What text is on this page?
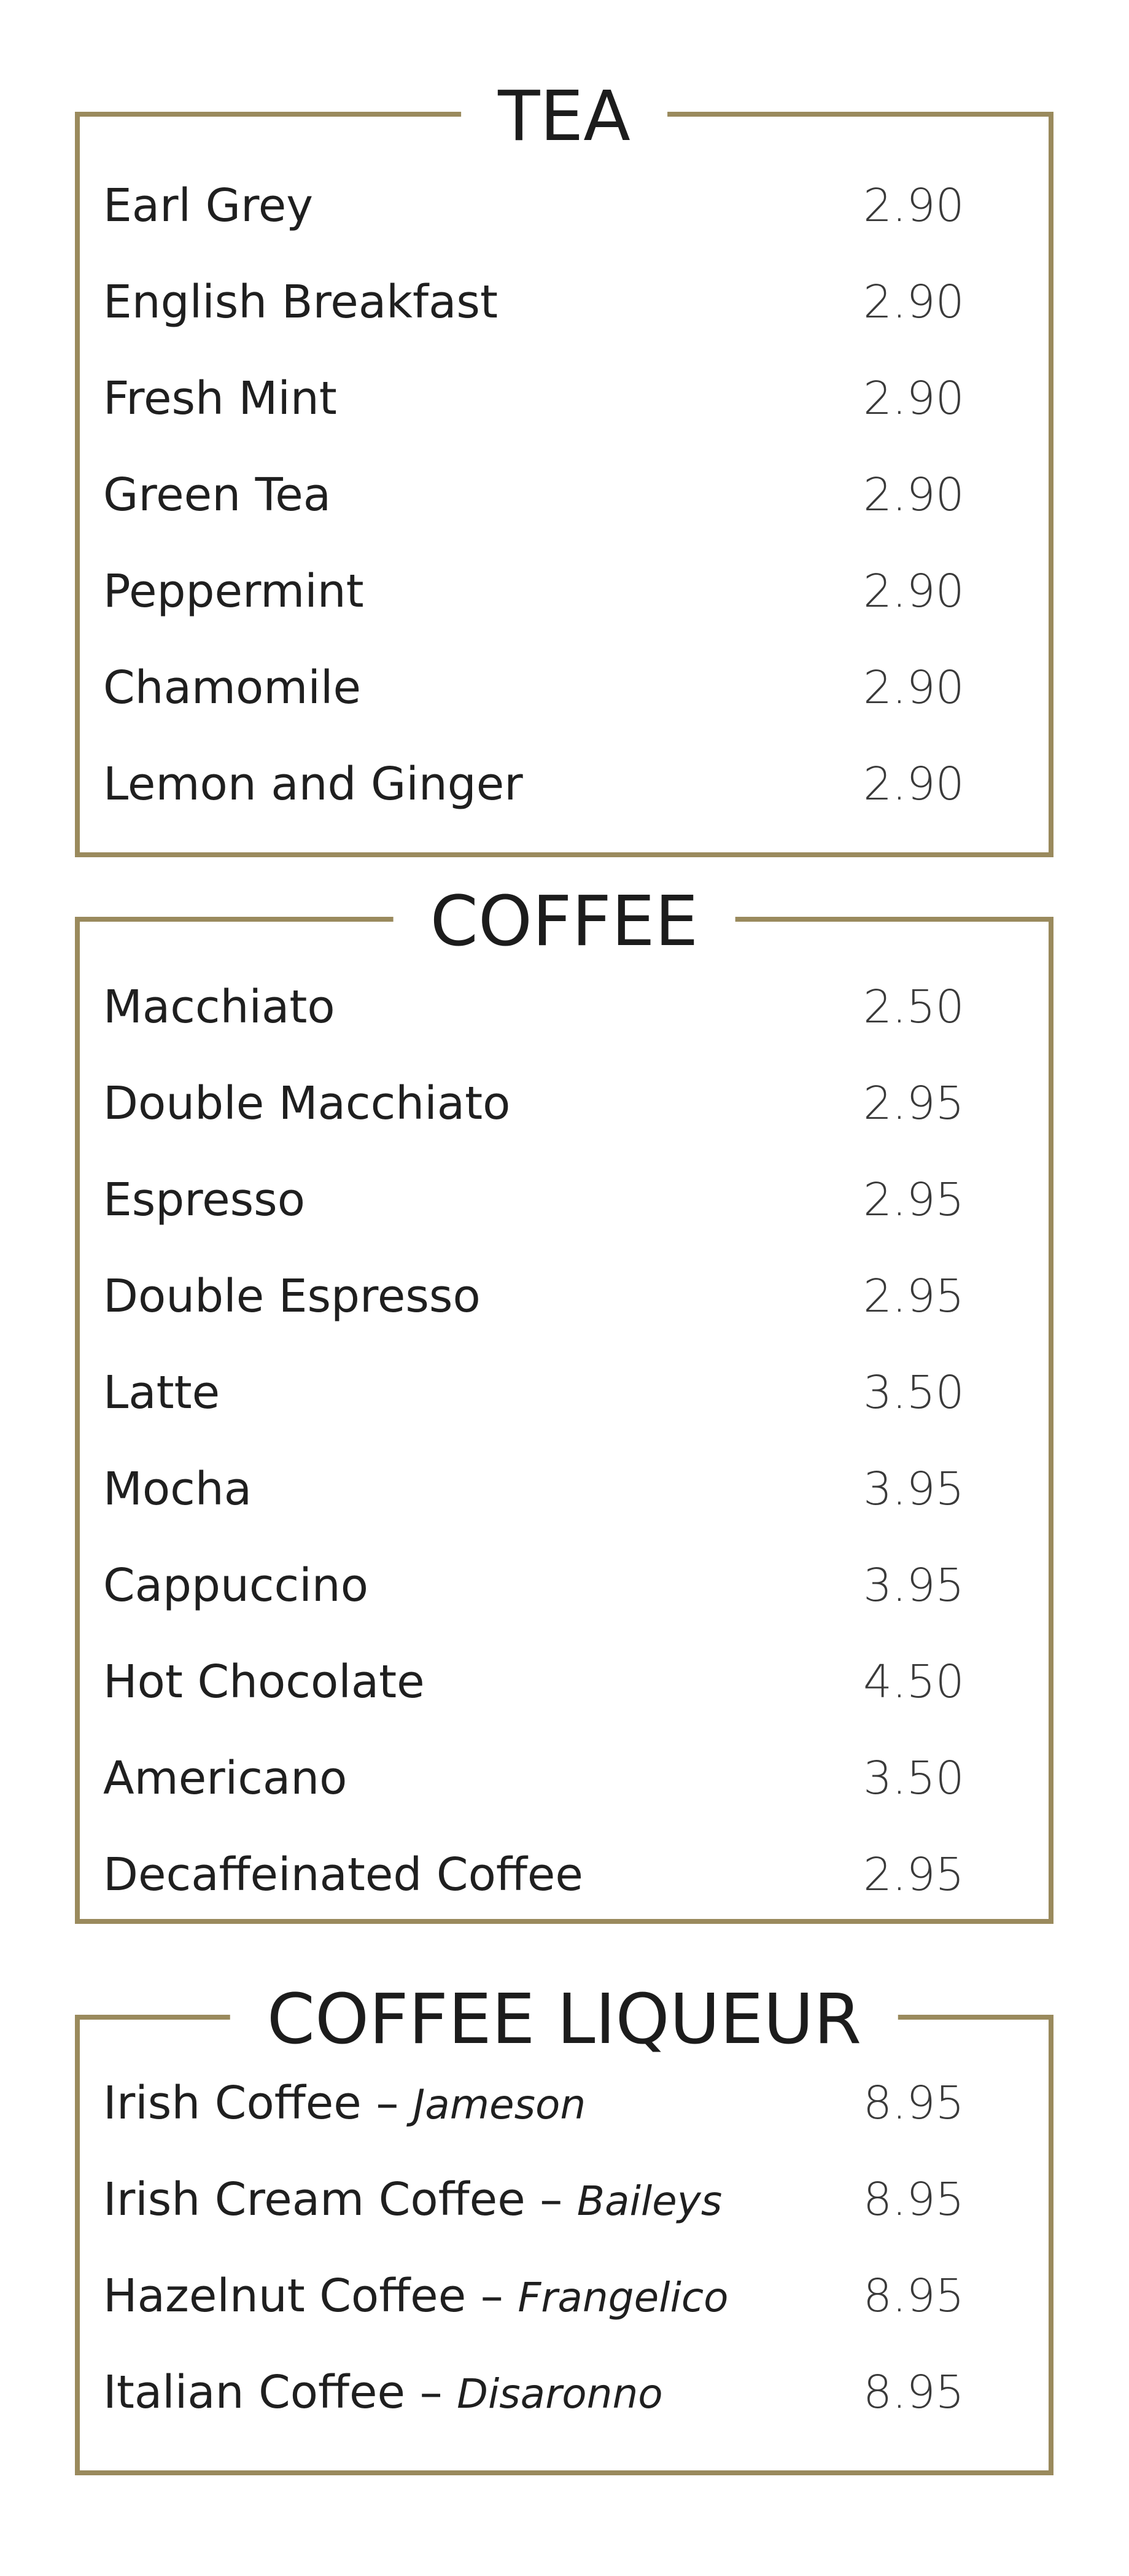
TEA
Earl Grey	2.90
English Breakfast	2.90
Fresh Mint	2.90
Green Tea	2.90
Peppermint	2.90
Chamomile	2.90
Lemon and Ginger	2.90
COFFEE
Macchiato	2.50
Double Macchiato	2.95
Espresso	2.95
Double Espresso	2.95
Latte	3.50
Mocha	3.95
Cappuccino	3.95
Hot Chocolate	4.50
Americano	3.50
Decaffeinated Coffee	2.95
COFFEE LIQUEUR
Irish Coffee – Jameson	8.95
Irish Cream Coffee – Baileys	8.95
Hazelnut Coffee – Frangelico	8.95
Italian Coffee – Disaronno	8.95
